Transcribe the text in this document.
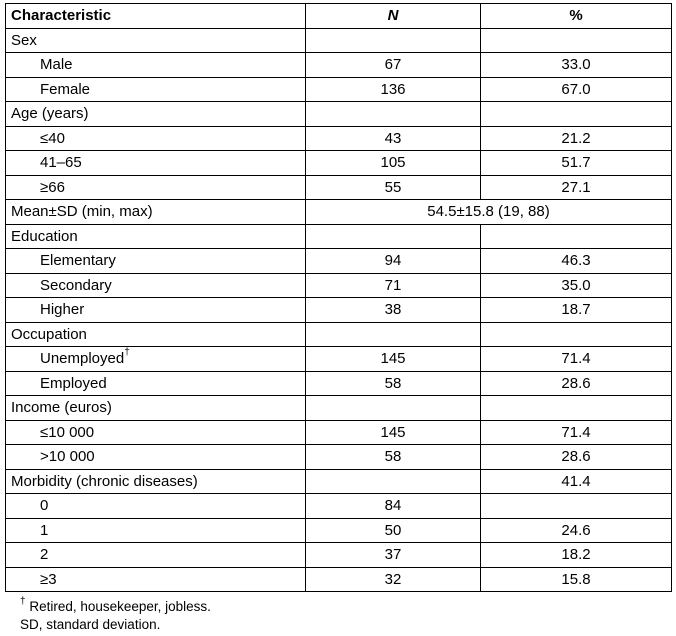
Characteristic	N	%
Sex		
Male	67	33.0
Female	136	67.0
Age (years)		
≤40	43	21.2
41–65	105	51.7
≥66	55	27.1
Mean±SD (min, max)	54.5±15.8 (19, 88)	
Education		
Elementary	94	46.3
Secondary	71	35.0
Higher	38	18.7
Occupation		
Unemployed†	145	71.4
Employed	58	28.6
Income (euros)		
≤10 000	145	71.4
>10 000	58	28.6
Morbidity (chronic diseases)		41.4
0	84	
1	50	24.6
2	37	18.2
≥3	32	15.8
† Retired, housekeeper, jobless.
SD, standard deviation.
